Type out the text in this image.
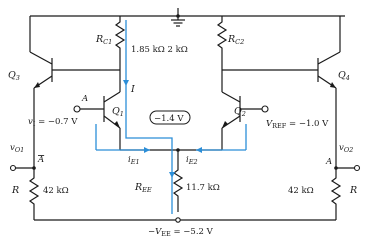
$R_{C1}$	$R_{C2}$
1.85 kΩ 2 kΩ
$Q_3$	$Q_4$
I
A
$Q_1$	$Q_2$
$v_I = -0.7$ V	−1.4 V	$V_{REF} = -1.0$ V
$v_{O1}$
A
$v_{O2}$
A
$i_{E1}$	$i_{E2}$
$R_{EE}$	11.7 kΩ
R	42 kΩ	42 kΩ	R
$-V_{EE} = -5.2$ V
